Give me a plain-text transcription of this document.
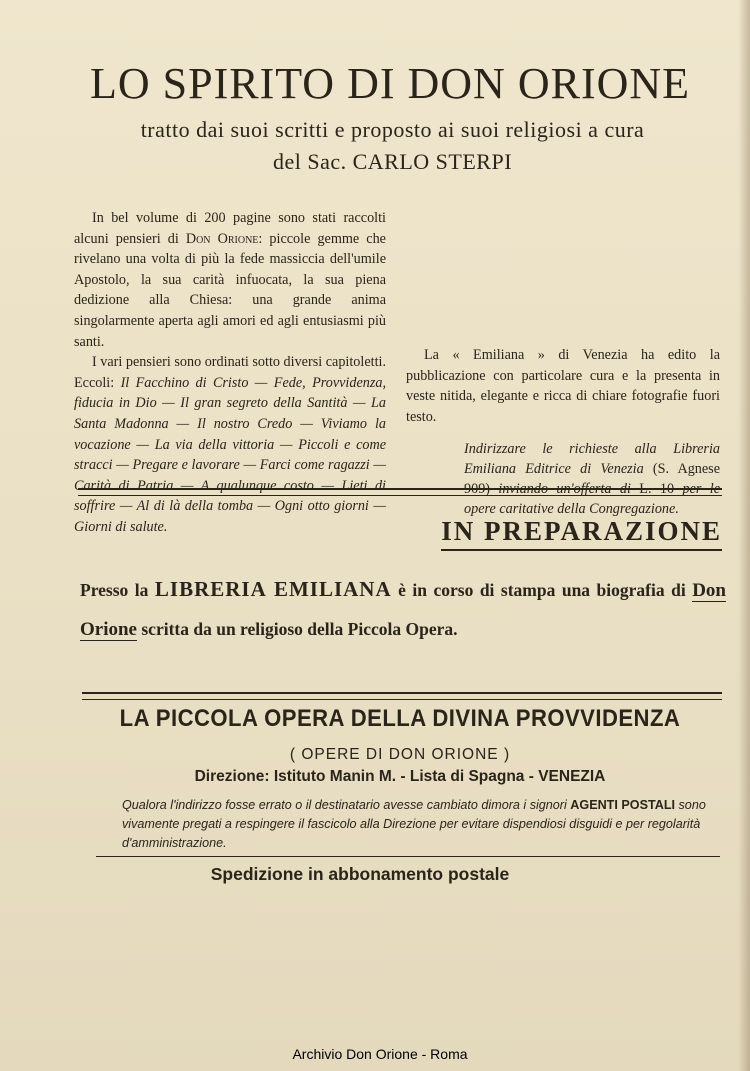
LO SPIRITO DI DON ORIONE

tratto dai suoi scritti e proposto ai suoi religiosi a cura
del Sac. CARLO STERPI

In bel volume di 200 pagine sono stati raccolti alcuni pensieri di Don Orione: piccole gemme che rivelano una volta di più la fede massiccia dell'umile Apostolo, la sua carità infuocata, la sua piena dedizione alla Chiesa: una grande anima singolarmente aperta agli amori ed agli entusiasmi più santi.

I vari pensieri sono ordinati sotto diversi capitoletti. Eccoli: Il Facchino di Cristo — Fede, Provvidenza, fiducia in Dio — Il gran segreto della Santità — La Santa Madonna — Il nostro Credo — Viviamo la vocazione — La via della vittoria — Piccoli e come stracci — Pregare e lavorare — Farci come ragazzi — Carità di Patria — A qualunque costo — Lieti di soffrire — Al di là della tomba — Ogni otto giorni — Giorni di salute.

La « Emiliana » di Venezia ha edito la pubblicazione con particolare cura e la presenta in veste nitida, elegante e ricca di chiare fotografie fuori testo.

Indirizzare le richieste alla Libreria Emiliana Editrice di Venezia (S. Agnese 909) inviando un'offerta di L. 10 per le opere caritative della Congregazione.

IN PREPARAZIONE

Presso la LIBRERIA EMILIANA è in corso di stampa una biografia di Don Orione scritta da un religioso della Piccola Opera.

LA PICCOLA OPERA DELLA DIVINA PROVVIDENZA
( OPERE DI DON ORIONE )
Direzione: Istituto Manin M. - Lista di Spagna - VENEZIA

Qualora l'indirizzo fosse errato o il destinatario avesse cambiato dimora i signori AGENTI POSTALI sono vivamente pregati a respingere il fascicolo alla Direzione per evitare dispendiosi disguidi e per regolarità d'amministrazione.

Spedizione in abbonamento postale
Archivio Don Orione - Roma
